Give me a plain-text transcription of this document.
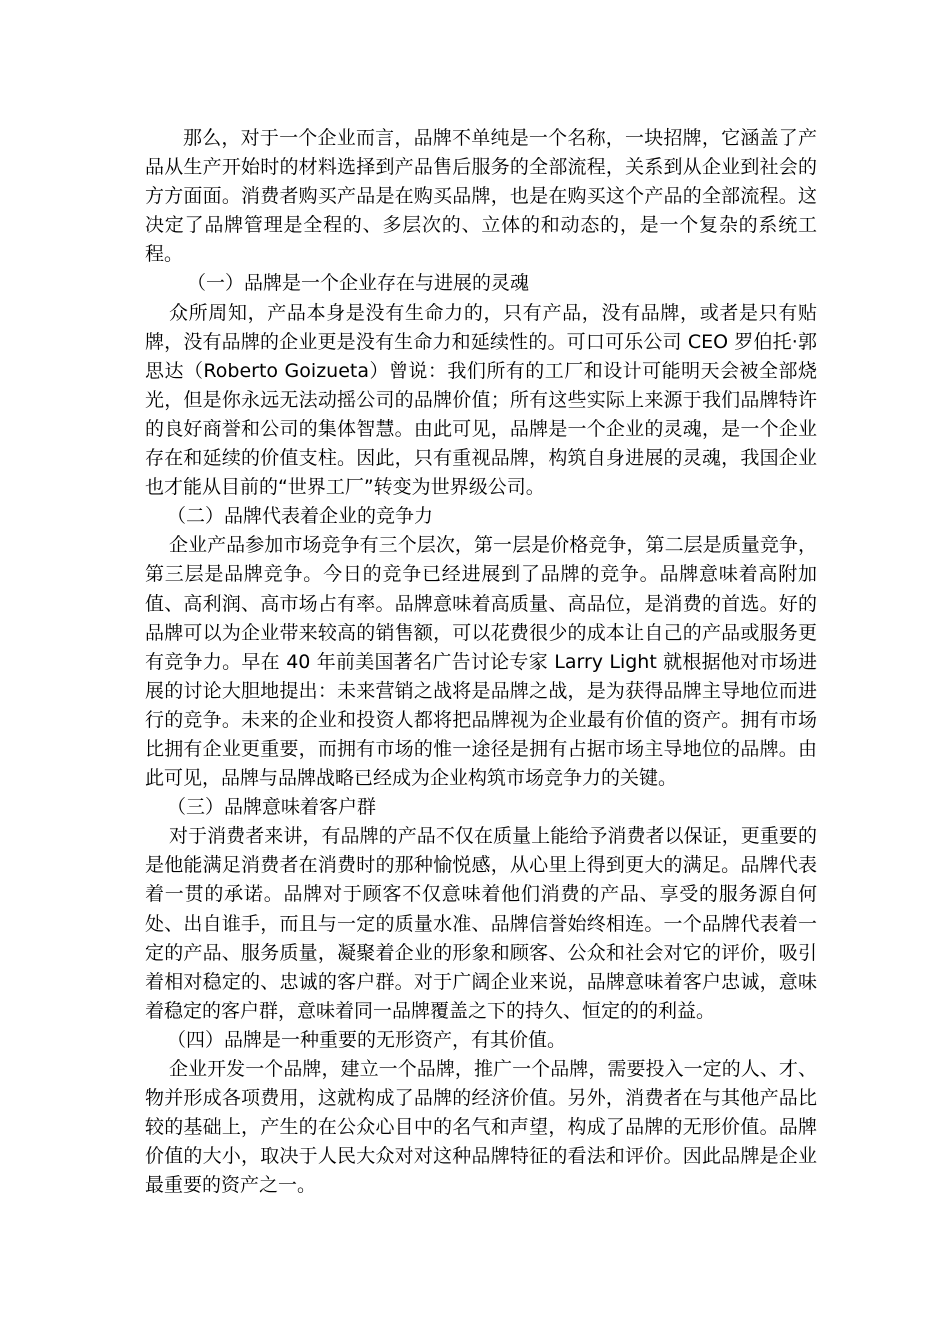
那么，对于一个企业而言，品牌不单纯是一个名称，一块招牌，它涵盖了产品从生产开始时的材料选择到产品售后服务的全部流程，关系到从企业到社会的方方面面。消费者购买产品是在购买品牌，也是在购买这个产品的全部流程。这决定了品牌管理是全程的、多层次的、立体的和动态的，是一个复杂的系统工程。

（一）品牌是一个企业存在与进展的灵魂

众所周知，产品本身是没有生命力的，只有产品，没有品牌，或者是只有贴牌，没有品牌的企业更是没有生命力和延续性的。可口可乐公司 CEO 罗伯托·郭思达（Roberto Goizueta）曾说：我们所有的工厂和设计可能明天会被全部烧光，但是你永远无法动摇公司的品牌价值；所有这些实际上来源于我们品牌特许的良好商誉和公司的集体智慧。由此可见，品牌是一个企业的灵魂，是一个企业存在和延续的价值支柱。因此，只有重视品牌，构筑自身进展的灵魂，我国企业也才能从目前的“世界工厂”转变为世界级公司。

（二）品牌代表着企业的竞争力

企业产品参加市场竞争有三个层次，第一层是价格竞争，第二层是质量竞争，第三层是品牌竞争。今日的竞争已经进展到了品牌的竞争。品牌意味着高附加值、高利润、高市场占有率。品牌意味着高质量、高品位，是消费的首选。好的品牌可以为企业带来较高的销售额，可以花费很少的成本让自己的产品或服务更有竞争力。早在 40 年前美国著名广告讨论专家 Larry Light 就根据他对市场进展的讨论大胆地提出：未来营销之战将是品牌之战，是为获得品牌主导地位而进行的竞争。未来的企业和投资人都将把品牌视为企业最有价值的资产。拥有市场比拥有企业更重要，而拥有市场的惟一途径是拥有占据市场主导地位的品牌。由此可见，品牌与品牌战略已经成为企业构筑市场竞争力的关键。

（三）品牌意味着客户群

对于消费者来讲，有品牌的产品不仅在质量上能给予消费者以保证，更重要的是他能满足消费者在消费时的那种愉悦感，从心里上得到更大的满足。品牌代表着一贯的承诺。品牌对于顾客不仅意味着他们消费的产品、享受的服务源自何处、出自谁手，而且与一定的质量水准、品牌信誉始终相连。一个品牌代表着一定的产品、服务质量，凝聚着企业的形象和顾客、公众和社会对它的评价，吸引着相对稳定的、忠诚的客户群。对于广阔企业来说，品牌意味着客户忠诚，意味着稳定的客户群，意味着同一品牌覆盖之下的持久、恒定的的利益。

（四）品牌是一种重要的无形资产，有其价值。

企业开发一个品牌，建立一个品牌，推广一个品牌，需要投入一定的人、才、物并形成各项费用，这就构成了品牌的经济价值。另外，消费者在与其他产品比较的基础上，产生的在公众心目中的名气和声望，构成了品牌的无形价值。品牌价值的大小，取决于人民大众对对这种品牌特征的看法和评价。因此品牌是企业最重要的资产之一。
